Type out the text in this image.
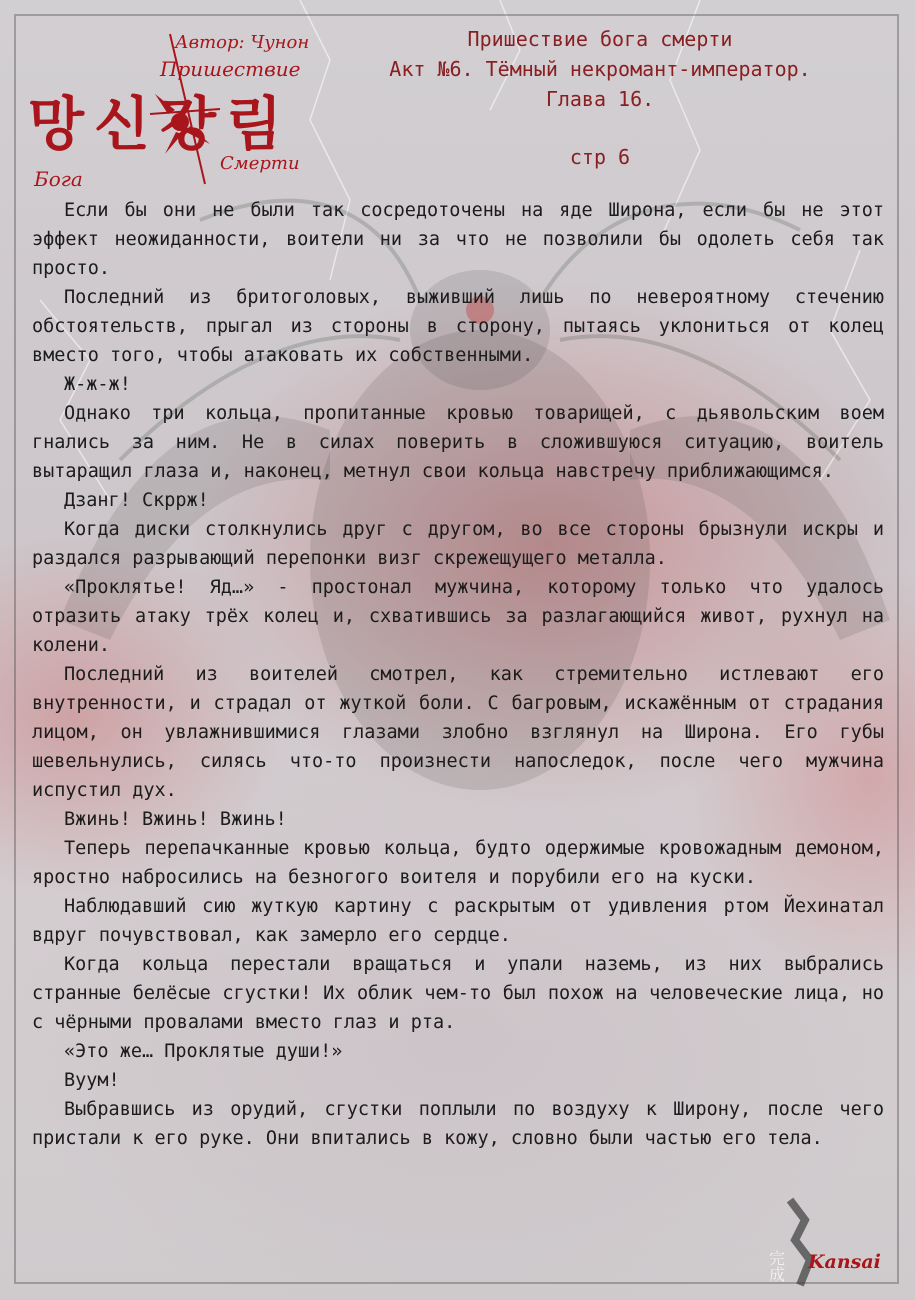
Автор: Чунон
Пришествие
망신강림
Бога
Смерти
Пришествие бога смерти
Акт №6. Тёмный некромант-император.
Глава 16.
стр 6

Если бы они не были так сосредоточены на яде Широна, если бы не этот эффект неожиданности, воители ни за что не позволили бы одолеть себя так просто.

Последний из бритоголовых, выживший лишь по невероятному стечению обстоятельств, прыгал из стороны в сторону, пытаясь уклониться от колец вместо того, чтобы атаковать их собственными.

Ж-ж-ж!

Однако три кольца, пропитанные кровью товарищей, с дьявольским воем гнались за ним. Не в силах поверить в сложившуюся ситуацию, воитель вытаращил глаза и, наконец, метнул свои кольца навстречу приближающимся.

Дзанг! Скррж!

Когда диски столкнулись друг с другом, во все стороны брызнули искры и раздался разрывающий перепонки визг скрежещущего металла.

«Проклятье! Яд…» - простонал мужчина, которому только что удалось отразить атаку трёх колец и, схватившись за разлагающийся живот, рухнул на колени.

Последний из воителей смотрел, как стремительно истлевают его внутренности, и страдал от жуткой боли. С багровым, искажённым от страдания лицом, он увлажнившимися глазами злобно взглянул на Широна. Его губы шевельнулись, силясь что-то произнести напоследок, после чего мужчина испустил дух.

Вжинь! Вжинь! Вжинь!

Теперь перепачканные кровью кольца, будто одержимые кровожадным демоном, яростно набросились на безногого воителя и порубили его на куски.

Наблюдавший сию жуткую картину с раскрытым от удивления ртом Йехинатал вдруг почувствовал, как замерло его сердце.

Когда кольца перестали вращаться и упали наземь, из них выбрались странные белёсые сгустки! Их облик чем-то был похож на человеческие лица, но с чёрными провалами вместо глаз и рта.

«Это же… Проклятые души!»

Вуум!

Выбравшись из орудий, сгустки поплыли по воздуху к Широну, после чего пристали к его руке. Они впитались в кожу, словно были частью его тела.

完成 Kansai
